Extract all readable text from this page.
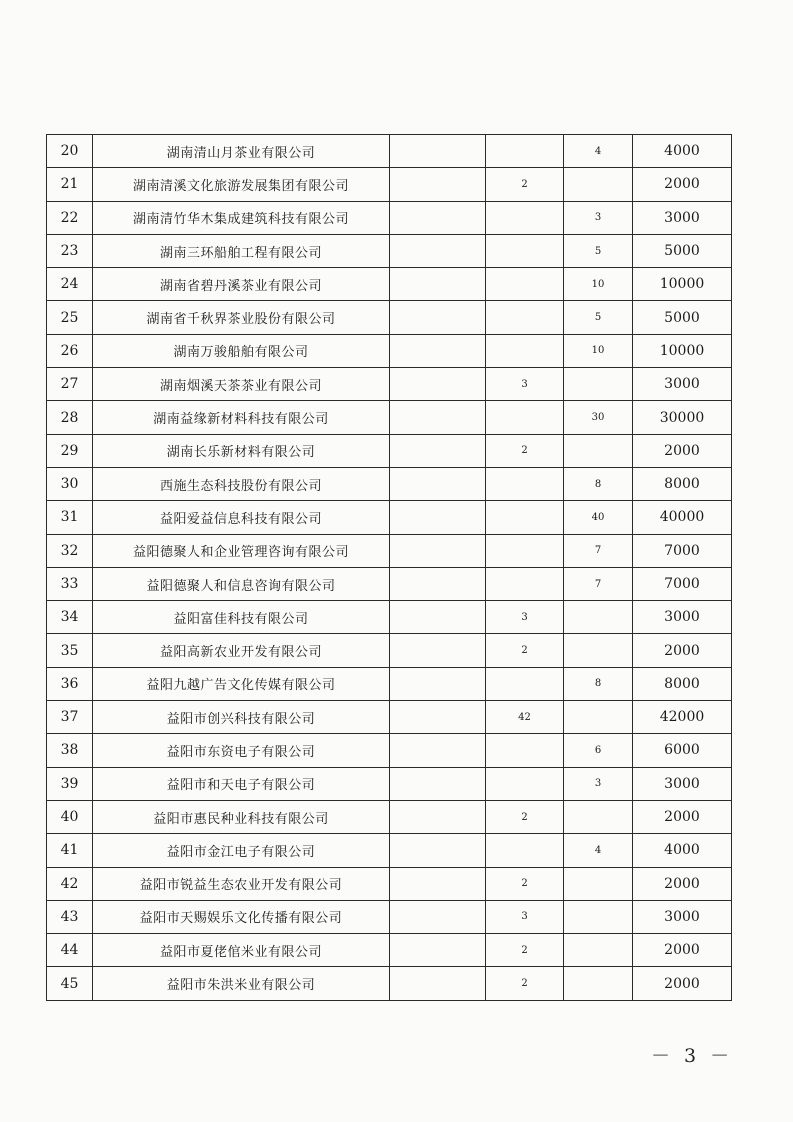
20	湖南清山月茶业有限公司			4	4000
21	湖南清溪文化旅游发展集团有限公司		2		2000
22	湖南清竹华木集成建筑科技有限公司			3	3000
23	湖南三环船舶工程有限公司			5	5000
24	湖南省碧丹溪茶业有限公司			10	10000
25	湖南省千秋界茶业股份有限公司			5	5000
26	湖南万骏船舶有限公司			10	10000
27	湖南烟溪天茶茶业有限公司		3		3000
28	湖南益缘新材料科技有限公司			30	30000
29	湖南长乐新材料有限公司		2		2000
30	西施生态科技股份有限公司			8	8000
31	益阳爱益信息科技有限公司			40	40000
32	益阳德聚人和企业管理咨询有限公司			7	7000
33	益阳德聚人和信息咨询有限公司			7	7000
34	益阳富佳科技有限公司		3		3000
35	益阳高新农业开发有限公司		2		2000
36	益阳九越广告文化传媒有限公司			8	8000
37	益阳市创兴科技有限公司		42		42000
38	益阳市东资电子有限公司			6	6000
39	益阳市和天电子有限公司			3	3000
40	益阳市惠民种业科技有限公司		2		2000
41	益阳市金江电子有限公司			4	4000
42	益阳市锐益生态农业开发有限公司		2		2000
43	益阳市天赐娱乐文化传播有限公司		3		3000
44	益阳市夏佬倌米业有限公司		2		2000
45	益阳市朱洪米业有限公司		2		2000
－ 3 －
